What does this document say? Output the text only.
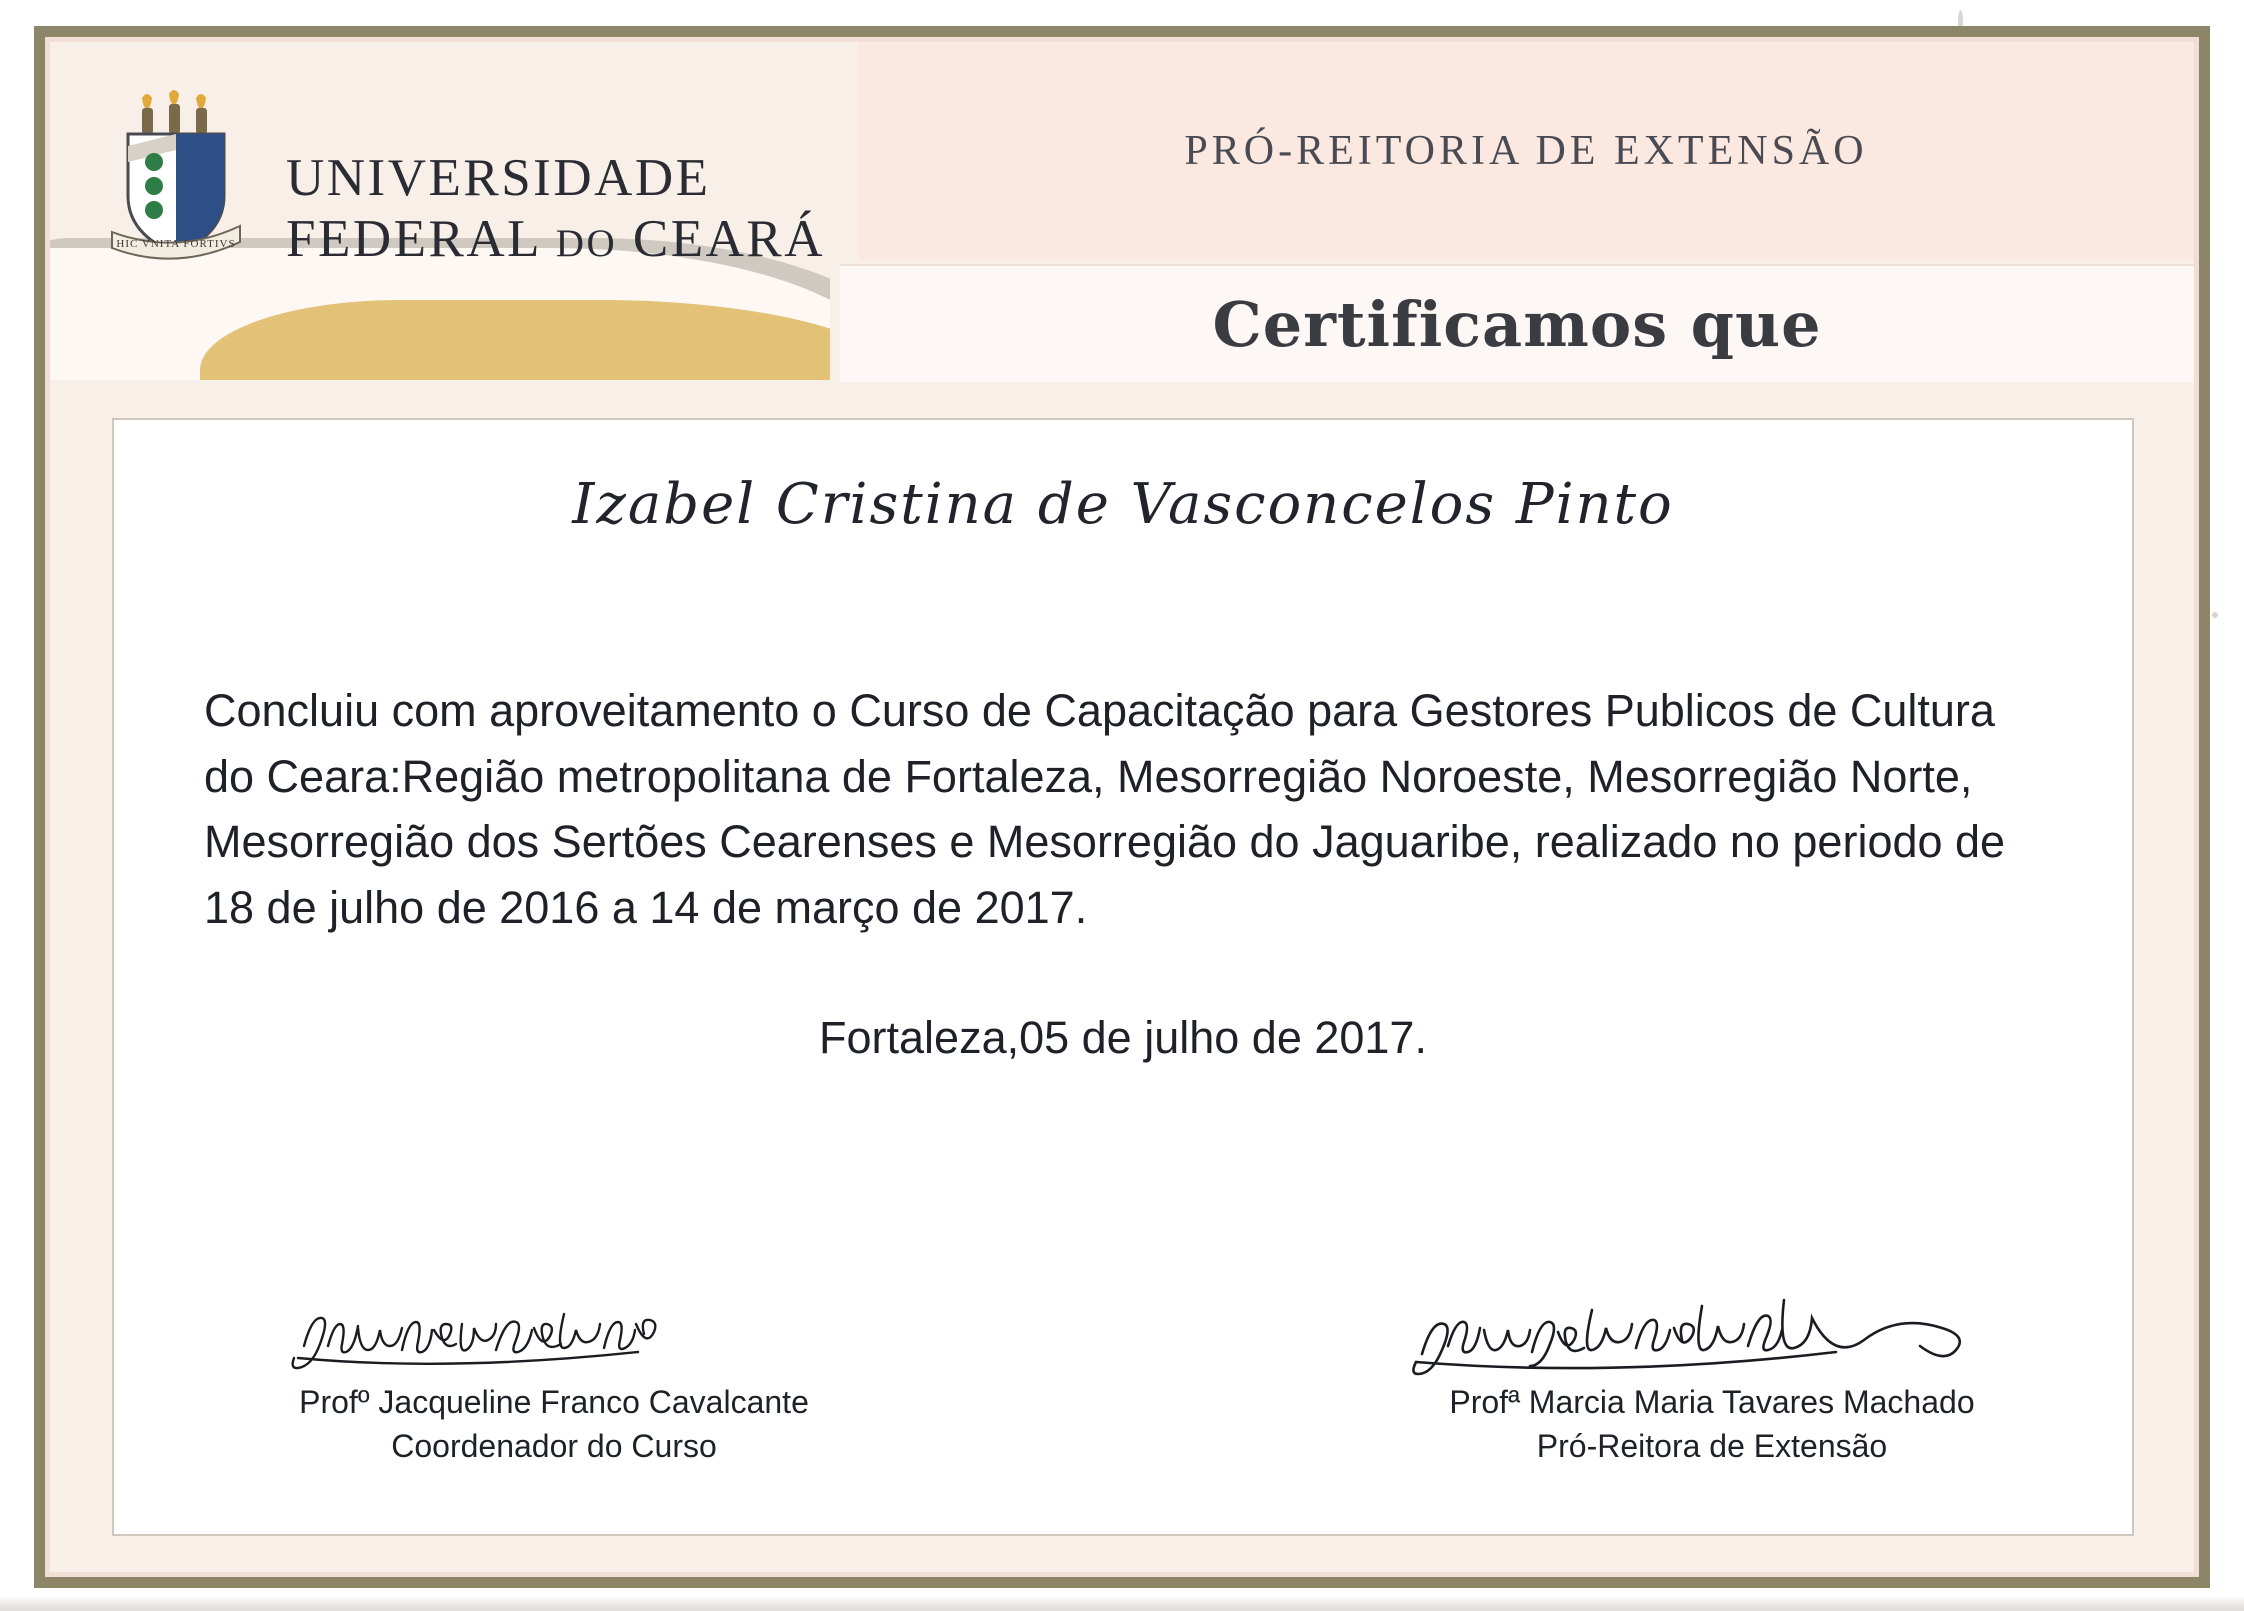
HIC VNITA FORTIVS
UNIVERSIDADE
FEDERAL DO CEARÁ
PRÓ-REITORIA DE EXTENSÃO
Certificamos que
Izabel Cristina de Vasconcelos Pinto
Concluiu com aproveitamento o Curso de Capacitação para Gestores Publicos de Cultura do Ceara:Região metropolitana de Fortaleza, Mesorregião Noroeste, Mesorregião Norte, Mesorregião dos Sertões Cearenses e Mesorregião do Jaguaribe, realizado no periodo de 18 de julho de 2016 a 14 de março de 2017.
Fortaleza,05 de julho de 2017.
Profº Jacqueline Franco Cavalcante
Coordenador do Curso
Profª Marcia Maria Tavares Machado
Pró-Reitora de Extensão
